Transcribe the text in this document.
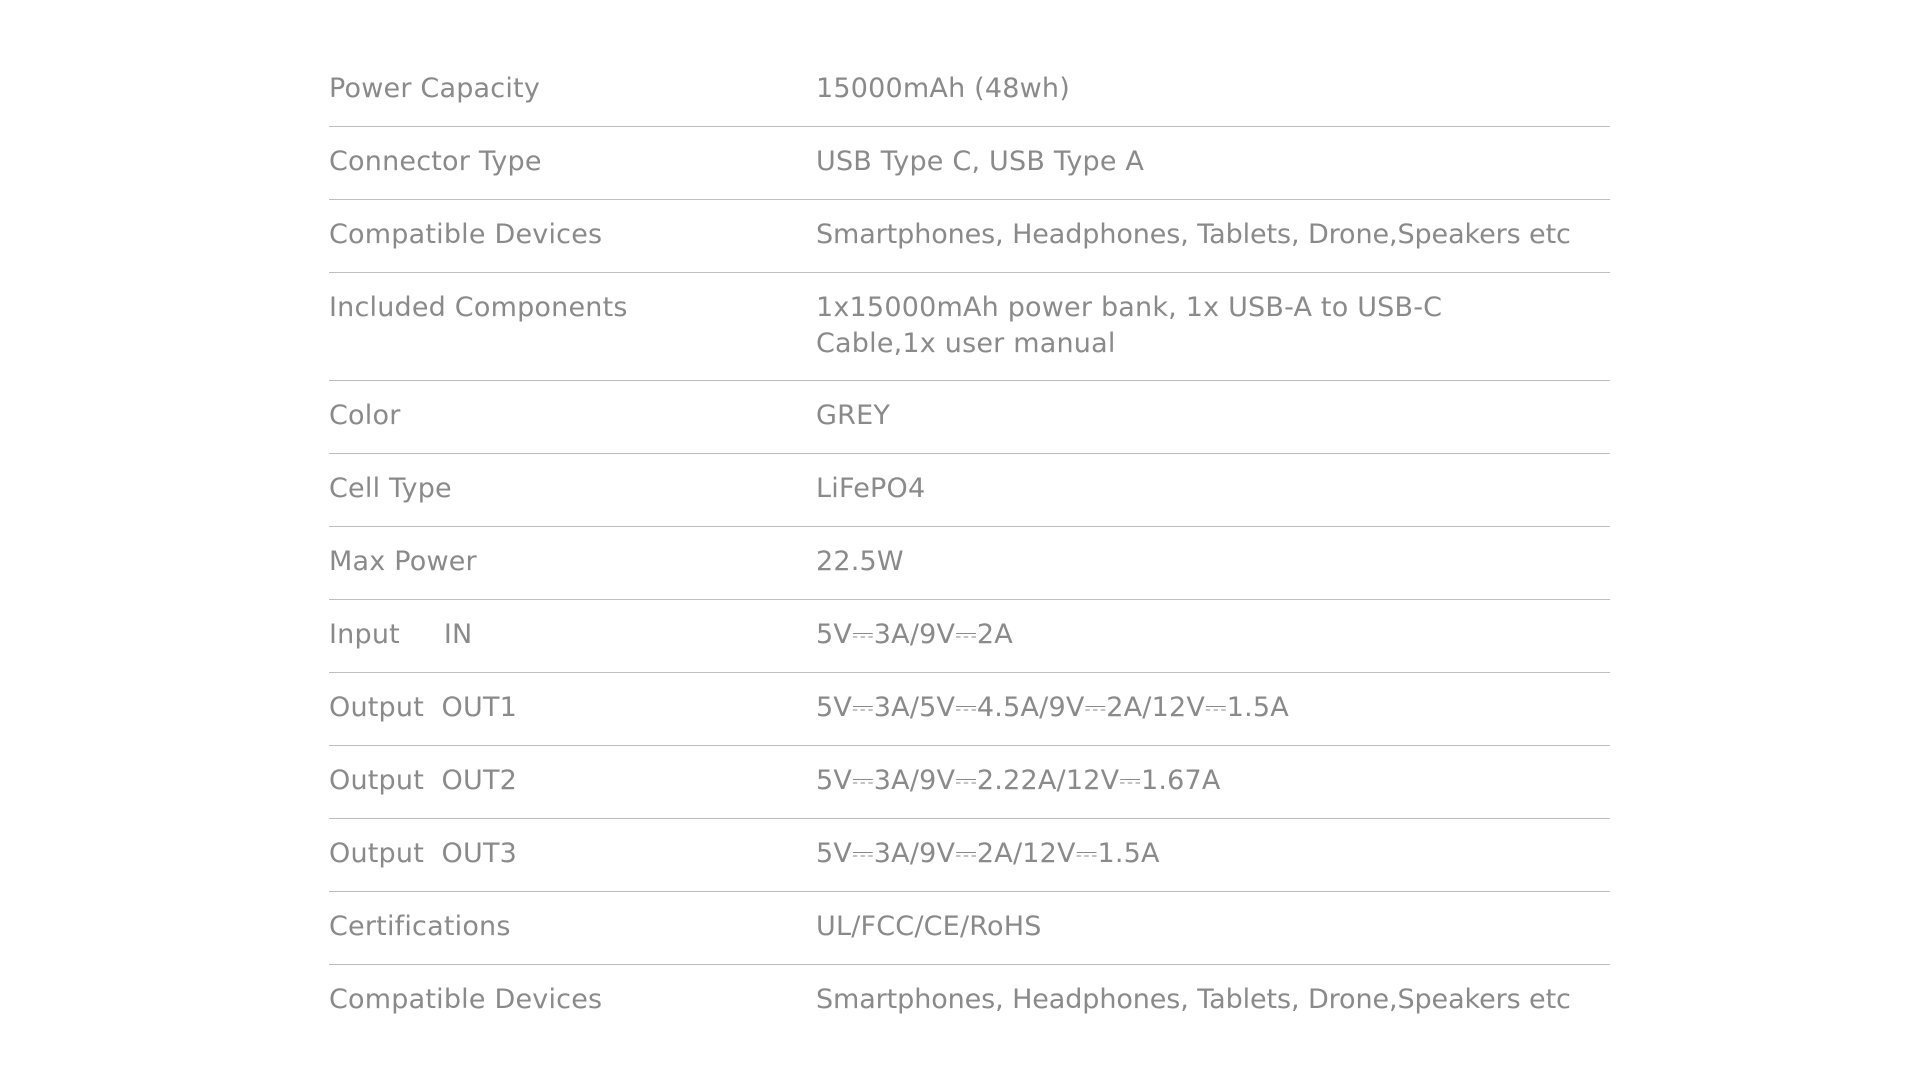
Power Capacity	15000mAh (48wh)
Connector Type	USB Type C, USB Type A
Compatible Devices	Smartphones, Headphones, Tablets, Drone,Speakers etc
Included Components	1x15000mAh power bank, 1x USB-A to USB-C Cable,1x user manual
Color	GREY
Cell Type	LiFePO4
Max Power	22.5W
Input     IN	5V⎓3A/9V⎓2A
Output  OUT1	5V⎓3A/5V⎓4.5A/9V⎓2A/12V⎓1.5A
Output  OUT2	5V⎓3A/9V⎓2.22A/12V⎓1.67A
Output  OUT3	5V⎓3A/9V⎓2A/12V⎓1.5A
Certifications	UL/FCC/CE/RoHS
Compatible Devices	Smartphones, Headphones, Tablets, Drone,Speakers etc
